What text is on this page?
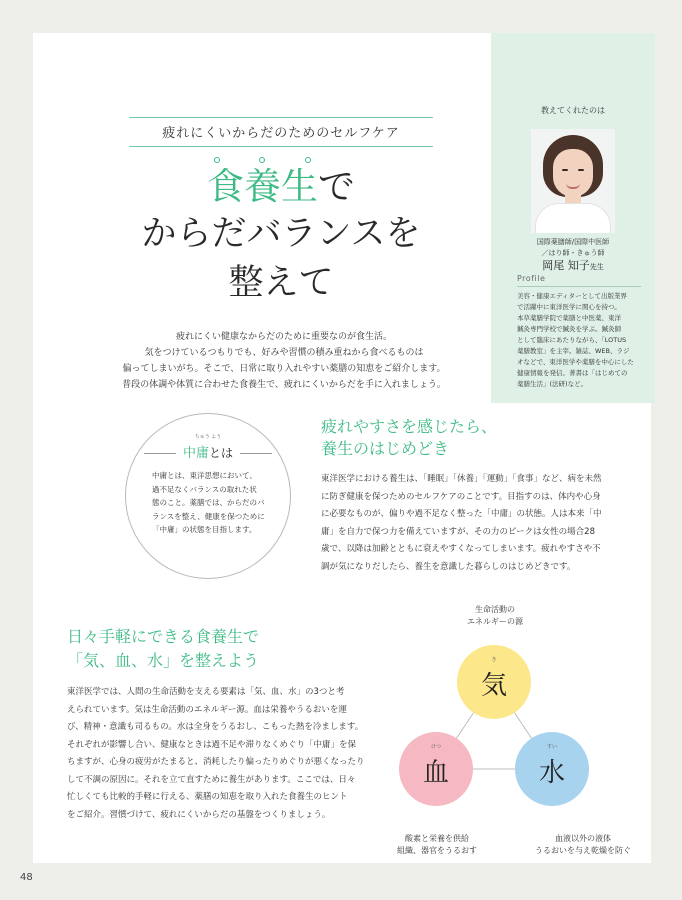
疲れにくいからだのためのセルフケア
食養生で
からだバランスを
整えて
疲れにくい健康なからだのために重要なのが食生活。
気をつけているつもりでも、好みや習慣の積み重ねから食べるものは
偏ってしまいがち。そこで、日常に取り入れやすい薬膳の知恵をご紹介します。
普段の体調や体質に合わせた食養生で、疲れにくいからだを手に入れましょう。
教えてくれたのは
国際薬膳師/国際中医師
／はり師・きゅう師
岡尾 知子先生
Profile
美容・健康エディターとして出版業界
で活躍中に東洋医学に関心を持つ。
本草薬膳学院で薬膳と中医薬、東洋
鍼灸専門学校で鍼灸を学ぶ。鍼灸師
として臨床にあたりながら、「LOTUS
薬膳教室」を主宰。雑誌、WEB、ラジ
オなどで、東洋医学や薬膳を中心にした
健康情報を発信。著書は「はじめての
薬膳生活」(法研)など。
ちゅう よう
中庸とは
中庸とは、東洋思想において、
過不足なくバランスの取れた状
態のこと。薬膳では、からだのバ
ランスを整え、健康を保つために
「中庸」の状態を目指します。
疲れやすさを感じたら、
養生のはじめどき
東洋医学における養生は、「睡眠」「休養」「運動」「食事」など、病を未然
に防ぎ健康を保つためのセルフケアのことです。目指すのは、体内や心身
に必要なものが、偏りや過不足なく整った「中庸」の状態。人は本来「中
庸」を自力で保つ力を備えていますが、その力のピークは女性の場合28
歳で、以降は加齢とともに衰えやすくなってしまいます。疲れやすさや不
調が気になりだしたら、養生を意識した暮らしのはじめどきです。
日々手軽にできる食養生で
「気、血、水」を整えよう
東洋医学では、人間の生命活動を支える要素は「気、血、水」の3つと考
えられています。気は生命活動のエネルギー源。血は栄養やうるおいを運
び、精神・意識も司るもの。水は全身をうるおし、こもった熱を冷まします。
それぞれが影響し合い、健康なときは過不足や滞りなくめぐり「中庸」を保
ちますが、心身の疲労がたまると、消耗したり偏ったりめぐりが悪くなったり
して不調の原因に。それを立て直すために養生があります。ここでは、日々
忙しくても比較的手軽に行える、薬膳の知恵を取り入れた食養生のヒント
をご紹介。習慣づけて、疲れにくいからだの基盤をつくりましょう。
生命活動の
エネルギーの源
き
気
けつ
血
すい
水
酸素と栄養を供給
組織、器官をうるおす
血液以外の液体
うるおいを与え乾燥を防ぐ
48
